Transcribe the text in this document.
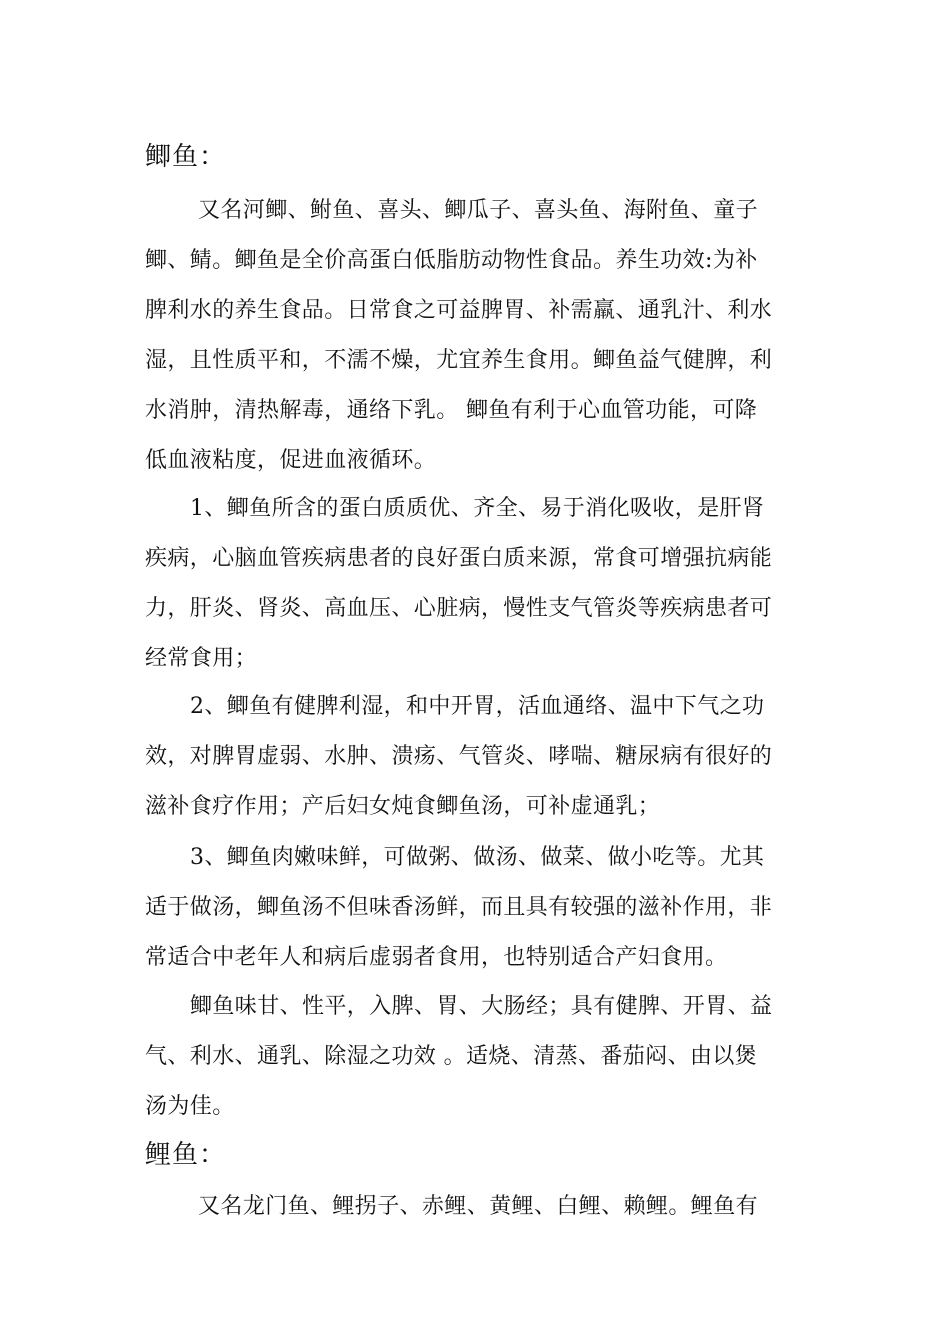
鲫鱼：
又名河鲫、鲋鱼、喜头、鲫瓜子、喜头鱼、海附鱼、童子
鲫、鲭。鲫鱼是全价高蛋白低脂肪动物性食品。养生功效:为补
脾利水的养生食品。日常食之可益脾胃、补需羸、通乳汁、利水
湿，且性质平和，不濡不燥，尤宜养生食用。鲫鱼益气健脾，利
水消肿，清热解毒，通络下乳。 鲫鱼有利于心血管功能，可降
低血液粘度，促进血液循环。
1、鲫鱼所含的蛋白质质优、齐全、易于消化吸收，是肝肾
疾病，心脑血管疾病患者的良好蛋白质来源，常食可增强抗病能
力，肝炎、肾炎、高血压、心脏病，慢性支气管炎等疾病患者可
经常食用；
2、鲫鱼有健脾利湿，和中开胃，活血通络、温中下气之功
效，对脾胃虚弱、水肿、溃疡、气管炎、哮喘、糖尿病有很好的
滋补食疗作用；产后妇女炖食鲫鱼汤，可补虚通乳；
3、鲫鱼肉嫩味鲜，可做粥、做汤、做菜、做小吃等。尤其
适于做汤，鲫鱼汤不但味香汤鲜，而且具有较强的滋补作用，非
常适合中老年人和病后虚弱者食用，也特别适合产妇食用。
鲫鱼味甘、性平，入脾、胃、大肠经；具有健脾、开胃、益
气、利水、通乳、除湿之功效 。适烧、清蒸、番茄闷、由以煲
汤为佳。
鲤鱼：
又名龙门鱼、鲤拐子、赤鲤、黄鲤、白鲤、赖鲤。鲤鱼有
